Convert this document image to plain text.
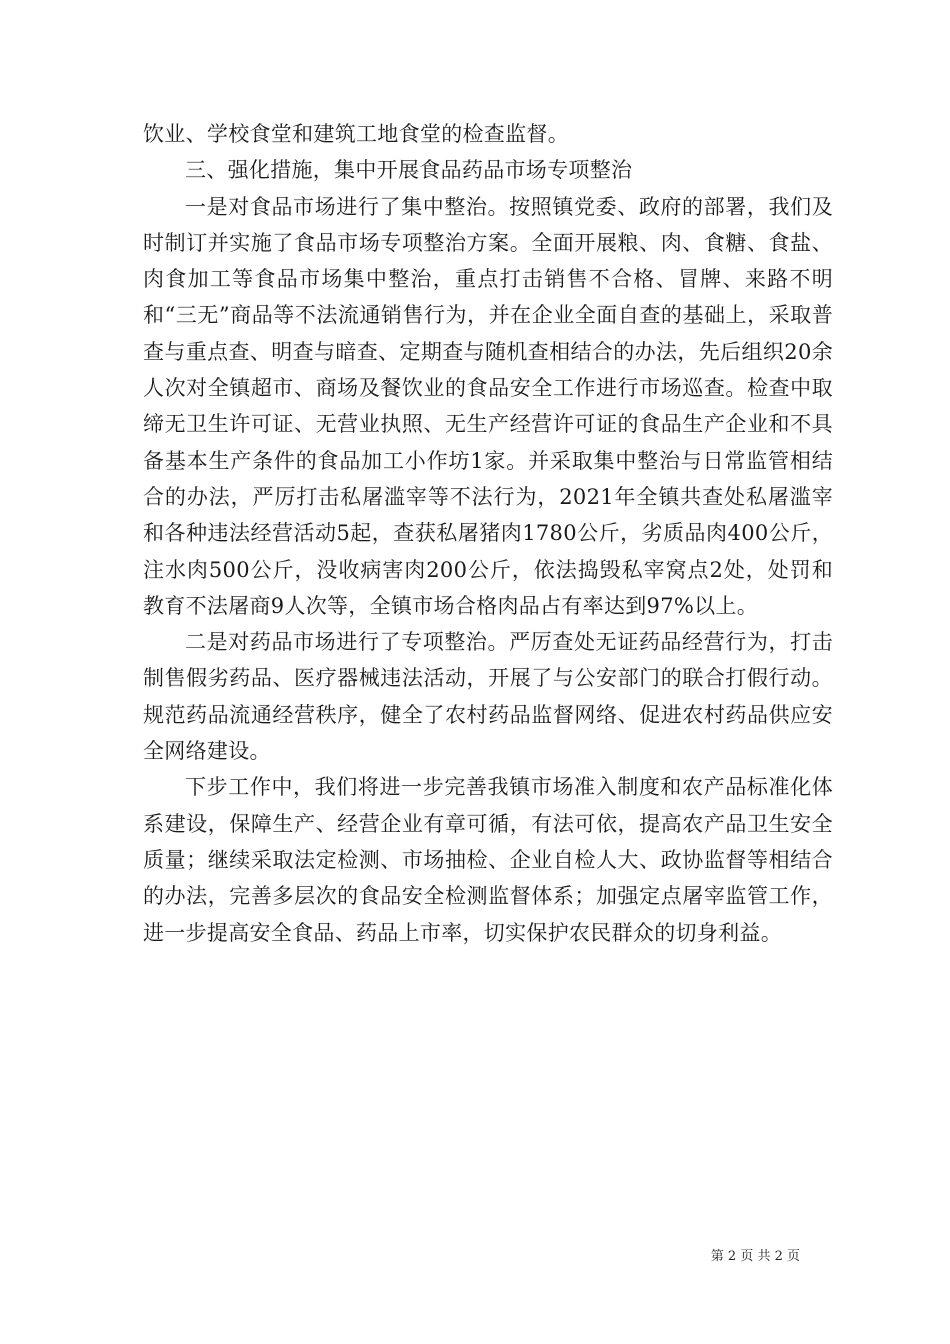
饮业、学校食堂和建筑工地食堂的检查监督。

三、强化措施，集中开展食品药品市场专项整治

一是对食品市场进行了集中整治。按照镇党委、政府的部署，我们及时制订并实施了食品市场专项整治方案。全面开展粮、肉、食糖、食盐、肉食加工等食品市场集中整治，重点打击销售不合格、冒牌、来路不明和“三无”商品等不法流通销售行为，并在企业全面自查的基础上，采取普查与重点查、明查与暗查、定期查与随机查相结合的办法，先后组织20余人次对全镇超市、商场及餐饮业的食品安全工作进行市场巡查。检查中取缔无卫生许可证、无营业执照、无生产经营许可证的食品生产企业和不具备基本生产条件的食品加工小作坊1家。并采取集中整治与日常监管相结合的办法，严厉打击私屠滥宰等不法行为，2021年全镇共查处私屠滥宰和各种违法经营活动5起，查获私屠猪肉1780公斤，劣质品肉400公斤，注水肉500公斤，没收病害肉200公斤，依法捣毁私宰窝点2处，处罚和教育不法屠商9人次等，全镇市场合格肉品占有率达到97%以上。

二是对药品市场进行了专项整治。严厉查处无证药品经营行为，打击制售假劣药品、医疗器械违法活动，开展了与公安部门的联合打假行动。规范药品流通经营秩序，健全了农村药品监督网络、促进农村药品供应安全网络建设。

下步工作中，我们将进一步完善我镇市场准入制度和农产品标准化体系建设，保障生产、经营企业有章可循，有法可依，提高农产品卫生安全质量；继续采取法定检测、市场抽检、企业自检人大、政协监督等相结合的办法，完善多层次的食品安全检测监督体系；加强定点屠宰监管工作，进一步提高安全食品、药品上市率，切实保护农民群众的切身利益。

第 2 页 共 2 页
